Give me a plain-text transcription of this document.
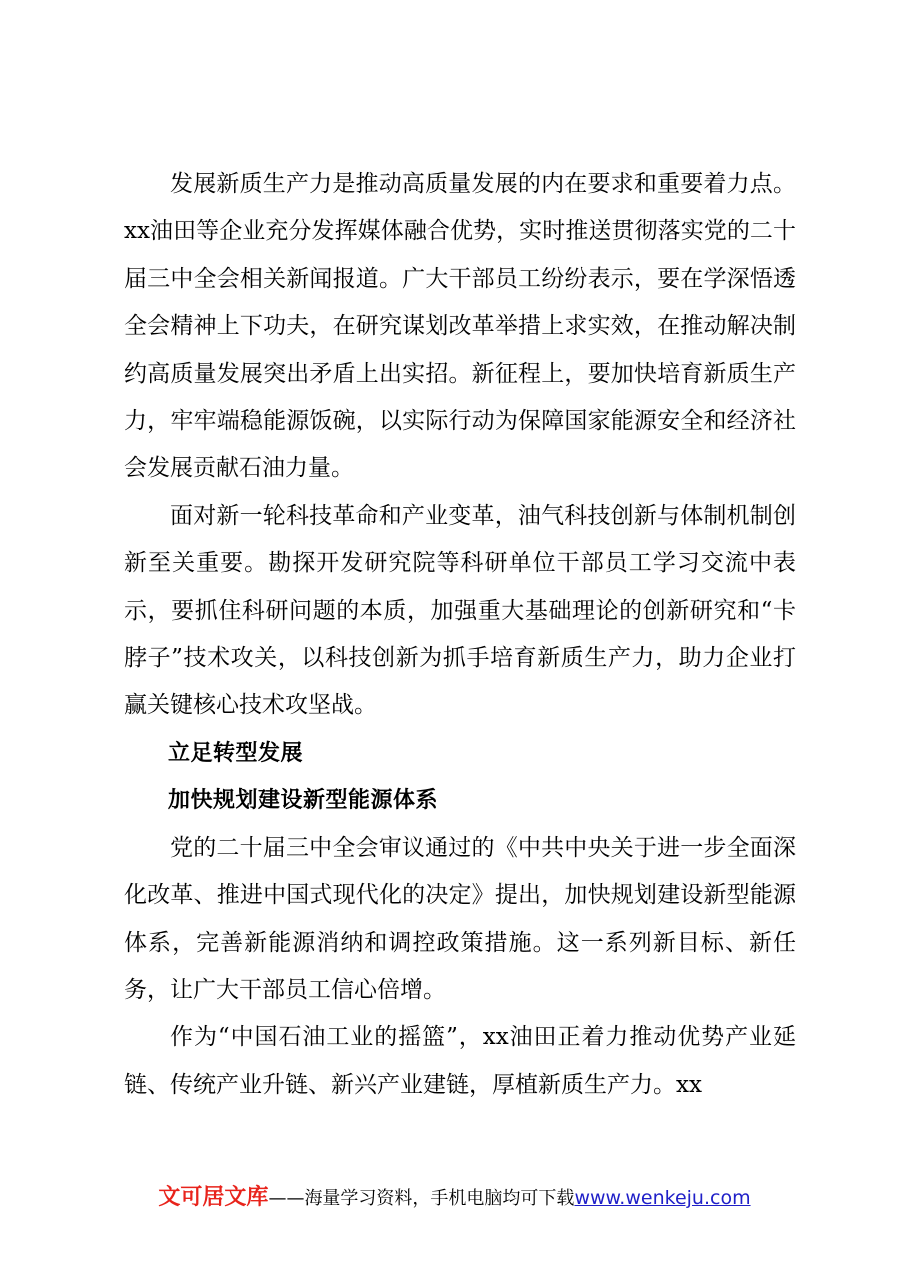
发展新质生产力是推动高质量发展的内在要求和重要着力点。xx油田等企业充分发挥媒体融合优势，实时推送贯彻落实党的二十届三中全会相关新闻报道。广大干部员工纷纷表示，要在学深悟透全会精神上下功夫，在研究谋划改革举措上求实效，在推动解决制约高质量发展突出矛盾上出实招。新征程上，要加快培育新质生产力，牢牢端稳能源饭碗，以实际行动为保障国家能源安全和经济社会发展贡献石油力量。

面对新一轮科技革命和产业变革，油气科技创新与体制机制创新至关重要。勘探开发研究院等科研单位干部员工学习交流中表示，要抓住科研问题的本质，加强重大基础理论的创新研究和“卡脖子”技术攻关，以科技创新为抓手培育新质生产力，助力企业打赢关键核心技术攻坚战。

立足转型发展

加快规划建设新型能源体系

党的二十届三中全会审议通过的《中共中央关于进一步全面深化改革、推进中国式现代化的决定》提出，加快规划建设新型能源体系，完善新能源消纳和调控政策措施。这一系列新目标、新任务，让广大干部员工信心倍增。

作为“中国石油工业的摇篮”，xx油田正着力推动优势产业延链、传统产业升链、新兴产业建链，厚植新质生产力。xx

文可居文库——海量学习资料，手机电脑均可下载www.wenkeju.com
